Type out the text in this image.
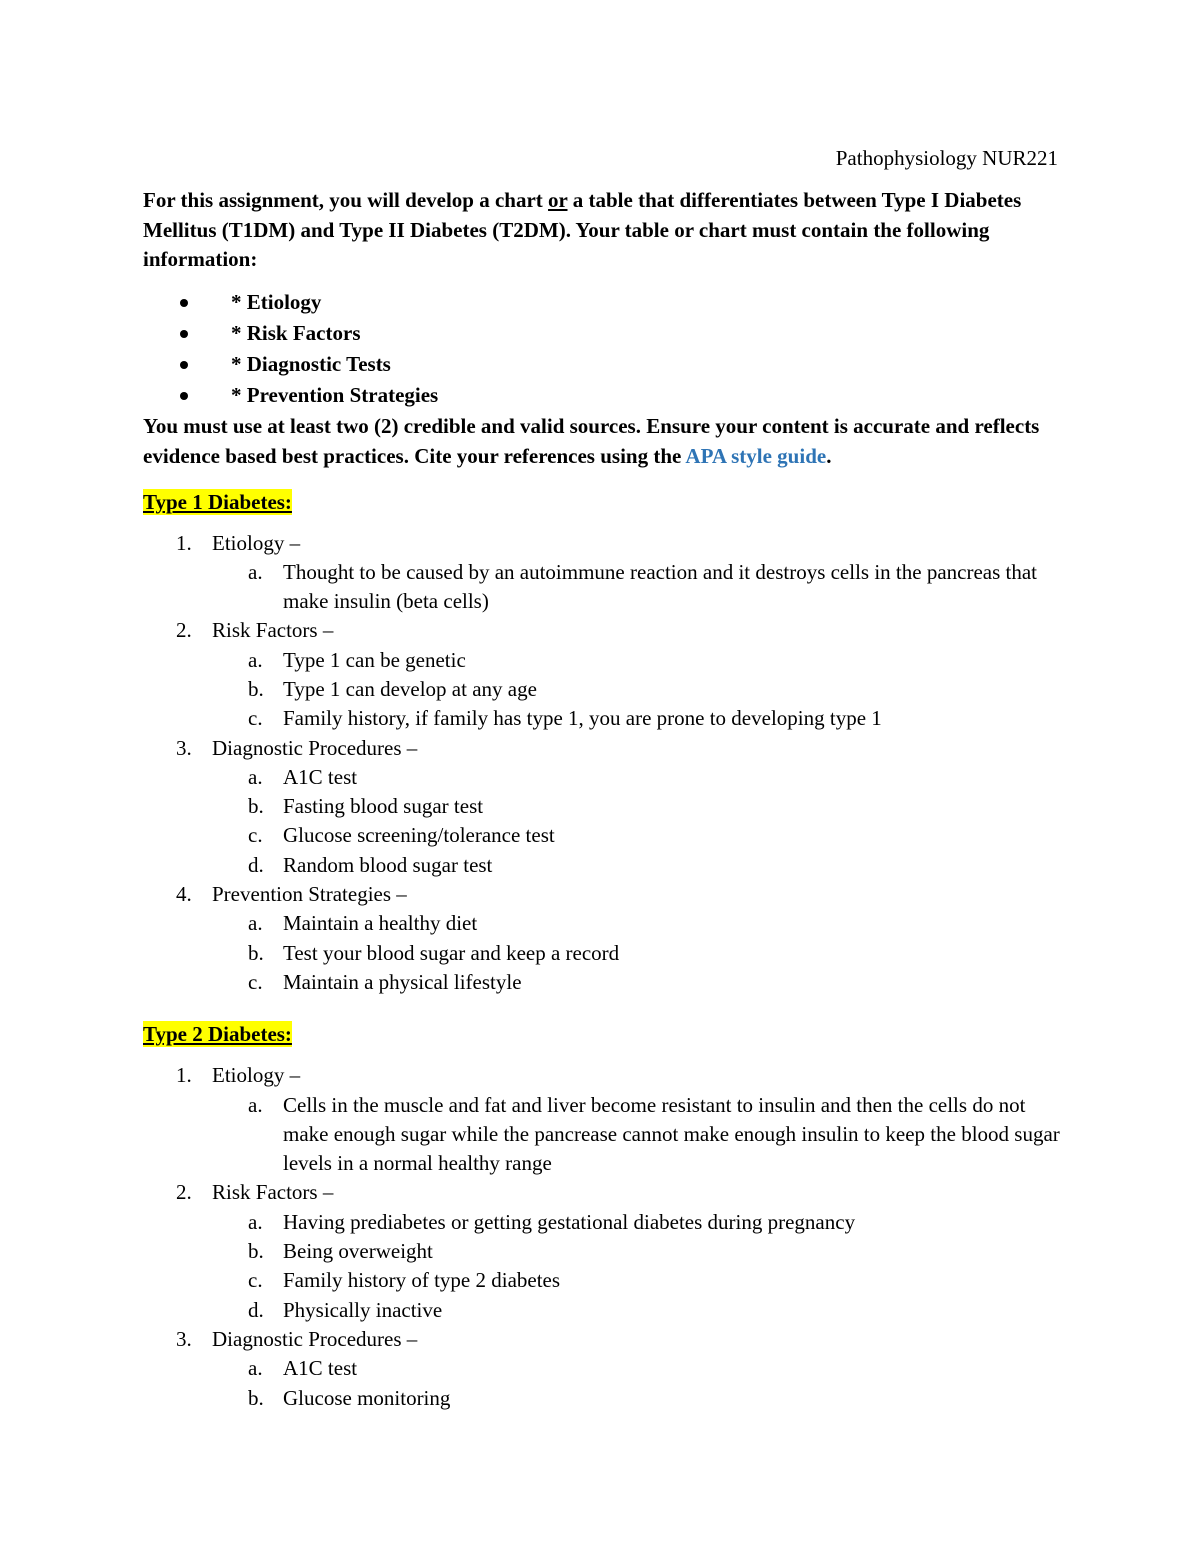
Pathophysiology NUR221

For this assignment, you will develop a chart or a table that differentiates between Type I Diabetes Mellitus (T1DM) and Type II Diabetes (T2DM). Your table or chart must contain the following information:

* Etiology
* Risk Factors
* Diagnostic Tests
* Prevention Strategies

You must use at least two (2) credible and valid sources. Ensure your content is accurate and reflects evidence based best practices. Cite your references using the APA style guide.

Type 1 Diabetes:
1. Etiology –
a. Thought to be caused by an autoimmune reaction and it destroys cells in the pancreas that make insulin (beta cells)
2. Risk Factors –
a. Type 1 can be genetic
b. Type 1 can develop at any age
c. Family history, if family has type 1, you are prone to developing type 1
3. Diagnostic Procedures –
a. A1C test
b. Fasting blood sugar test
c. Glucose screening/tolerance test
d. Random blood sugar test
4. Prevention Strategies –
a. Maintain a healthy diet
b. Test your blood sugar and keep a record
c. Maintain a physical lifestyle
Type 2 Diabetes:
1. Etiology –
a. Cells in the muscle and fat and liver become resistant to insulin and then the cells do not make enough sugar while the pancrease cannot make enough insulin to keep the blood sugar levels in a normal healthy range
2. Risk Factors –
a. Having prediabetes or getting gestational diabetes during pregnancy
b. Being overweight
c. Family history of type 2 diabetes
d. Physically inactive
3. Diagnostic Procedures –
a. A1C test
b. Glucose monitoring
